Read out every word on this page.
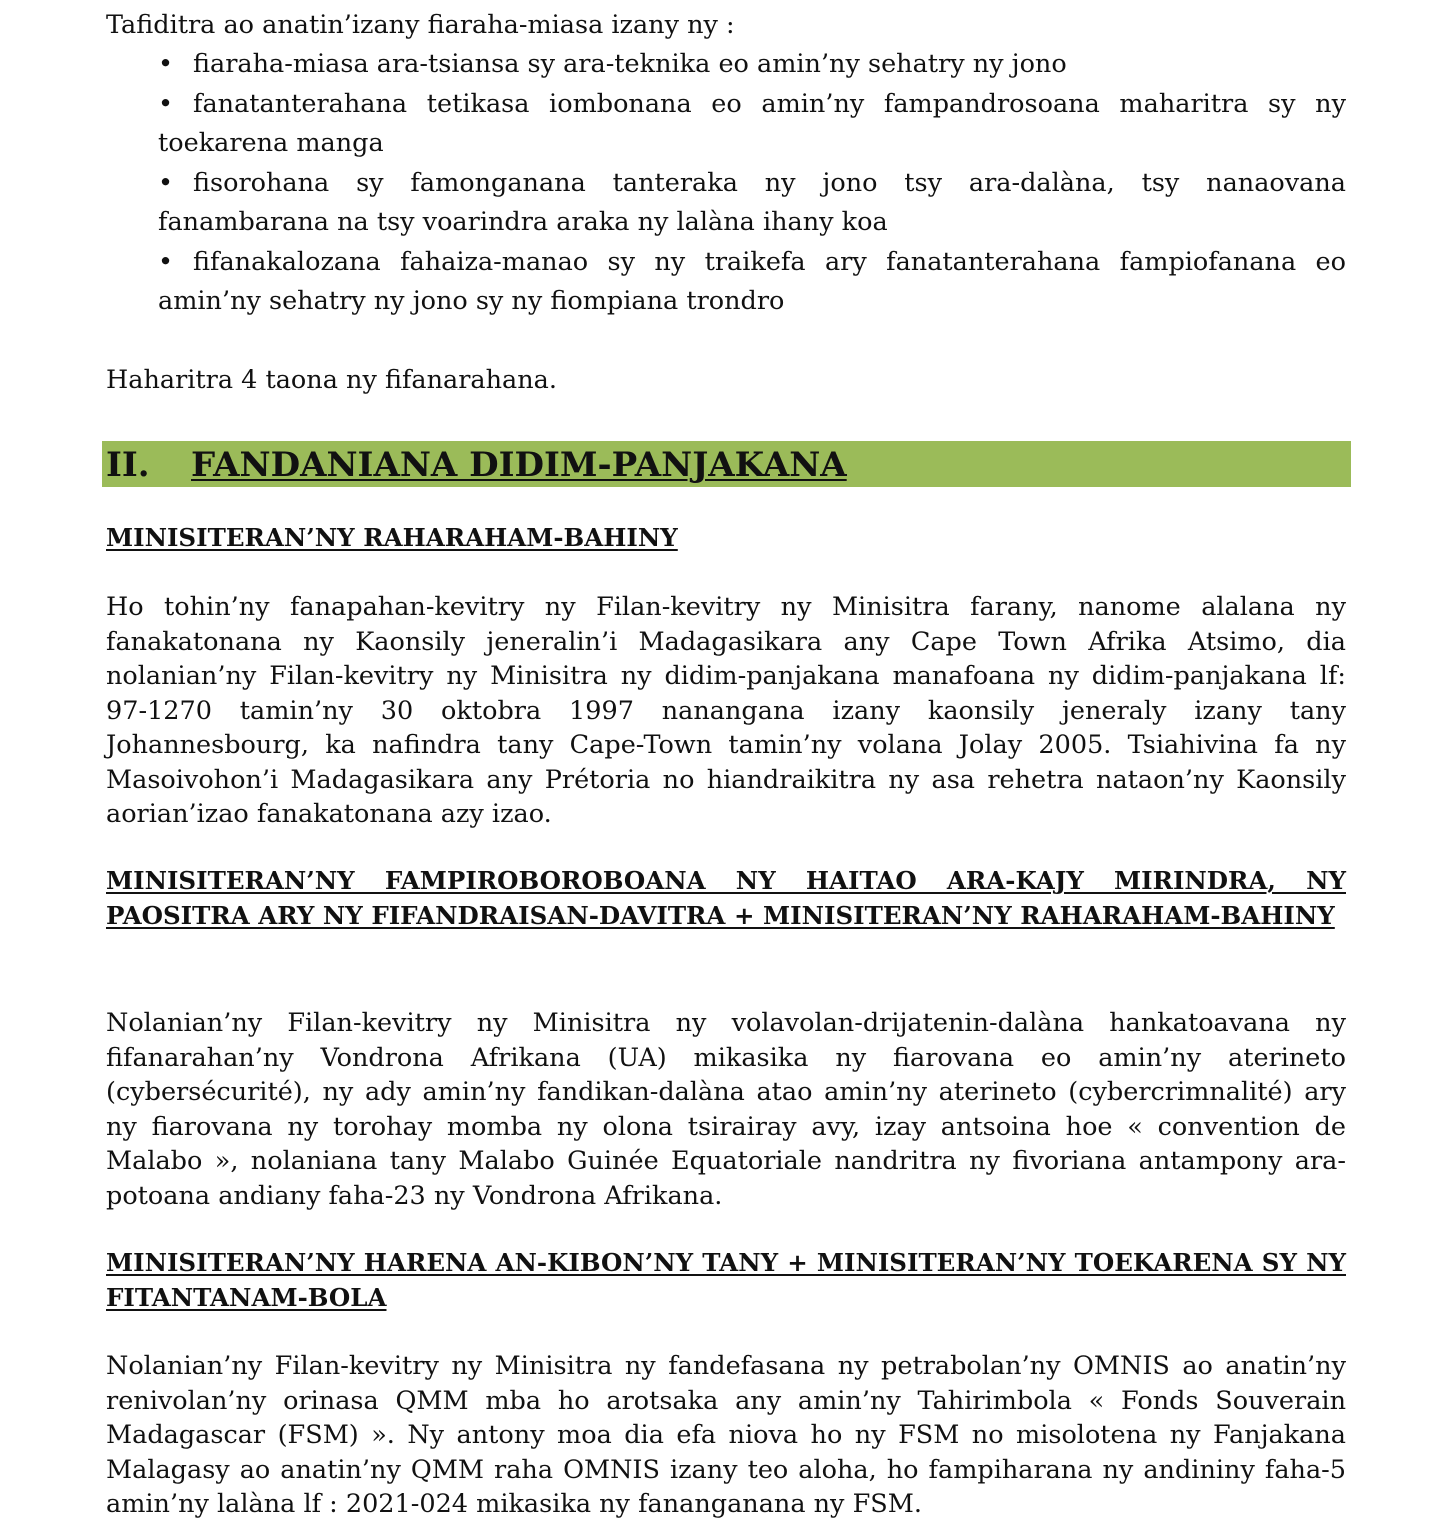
Tafiditra ao anatin’izany fiaraha-miasa izany ny :

• fiaraha-miasa ara-tsiansa sy ara-teknika eo amin’ny sehatry ny jono
• fanatanterahana tetikasa iombonana eo amin’ny fampandrosoana maharitra sy ny toekarena manga
• fisorohana sy famonganana tanteraka ny jono tsy ara-dalàna, tsy nanaovana fanambarana na tsy voarindra araka ny lalàna ihany koa
• fifanakalozana fahaiza-manao sy ny traikefa ary fanatanterahana fampiofanana eo amin’ny sehatry ny jono sy ny fiompiana trondro

Haharitra 4 taona ny fifanarahana.

II. FANDANIANA DIDIM-PANJAKANA

MINISITERAN’NY RAHARAHAM-BAHINY

Ho tohin’ny fanapahan-kevitry ny Filan-kevitry ny Minisitra farany, nanome alalana ny fanakatonana ny Kaonsily jeneralin’i Madagasikara any Cape Town Afrika Atsimo, dia nolanian’ny Filan-kevitry ny Minisitra ny didim-panjakana manafoana ny didim-panjakana lf: 97-1270 tamin’ny 30 oktobra 1997 nanangana izany kaonsily jeneraly izany tany Johannesbourg, ka nafindra tany Cape-Town tamin’ny volana Jolay 2005. Tsiahivina fa ny Masoivohon’i Madagasikara any Prétoria no hiandraikitra ny asa rehetra nataon’ny Kaonsily aorian’izao fanakatonana azy izao.

MINISITERAN’NY FAMPIROBOROBOANA NY HAITAO ARA-KAJY MIRINDRA, NY PAOSITRA ARY NY FIFANDRAISAN-DAVITRA + MINISITERAN’NY RAHARAHAM-BAHINY

Nolanian’ny Filan-kevitry ny Minisitra ny volavolan-drijatenin-dalàna hankatoavana ny fifanarahan’ny Vondrona Afrikana (UA) mikasika ny fiarovana eo amin’ny aterineto (cybersécurité), ny ady amin’ny fandikan-dalàna atao amin’ny aterineto (cybercrimnalité) ary ny fiarovana ny torohay momba ny olona tsirairay avy, izay antsoina hoe « convention de Malabo », nolaniana tany Malabo Guinée Equatoriale nandritra ny fivoriana antampony ara-potoana andiany faha-23 ny Vondrona Afrikana.

MINISITERAN’NY HARENA AN-KIBON’NY TANY + MINISITERAN’NY TOEKARENA SY NY FITANTANAM-BOLA

Nolanian’ny Filan-kevitry ny Minisitra ny fandefasana ny petrabolan’ny OMNIS ao anatin’ny renivolan’ny orinasa QMM mba ho arotsaka any amin’ny Tahirimbola « Fonds Souverain Madagascar (FSM) ». Ny antony moa dia efa niova ho ny FSM no misolotena ny Fanjakana Malagasy ao anatin’ny QMM raha OMNIS izany teo aloha, ho fampiharana ny andininy faha-5 amin’ny lalàna lf : 2021-024 mikasika ny fananganana ny FSM.
